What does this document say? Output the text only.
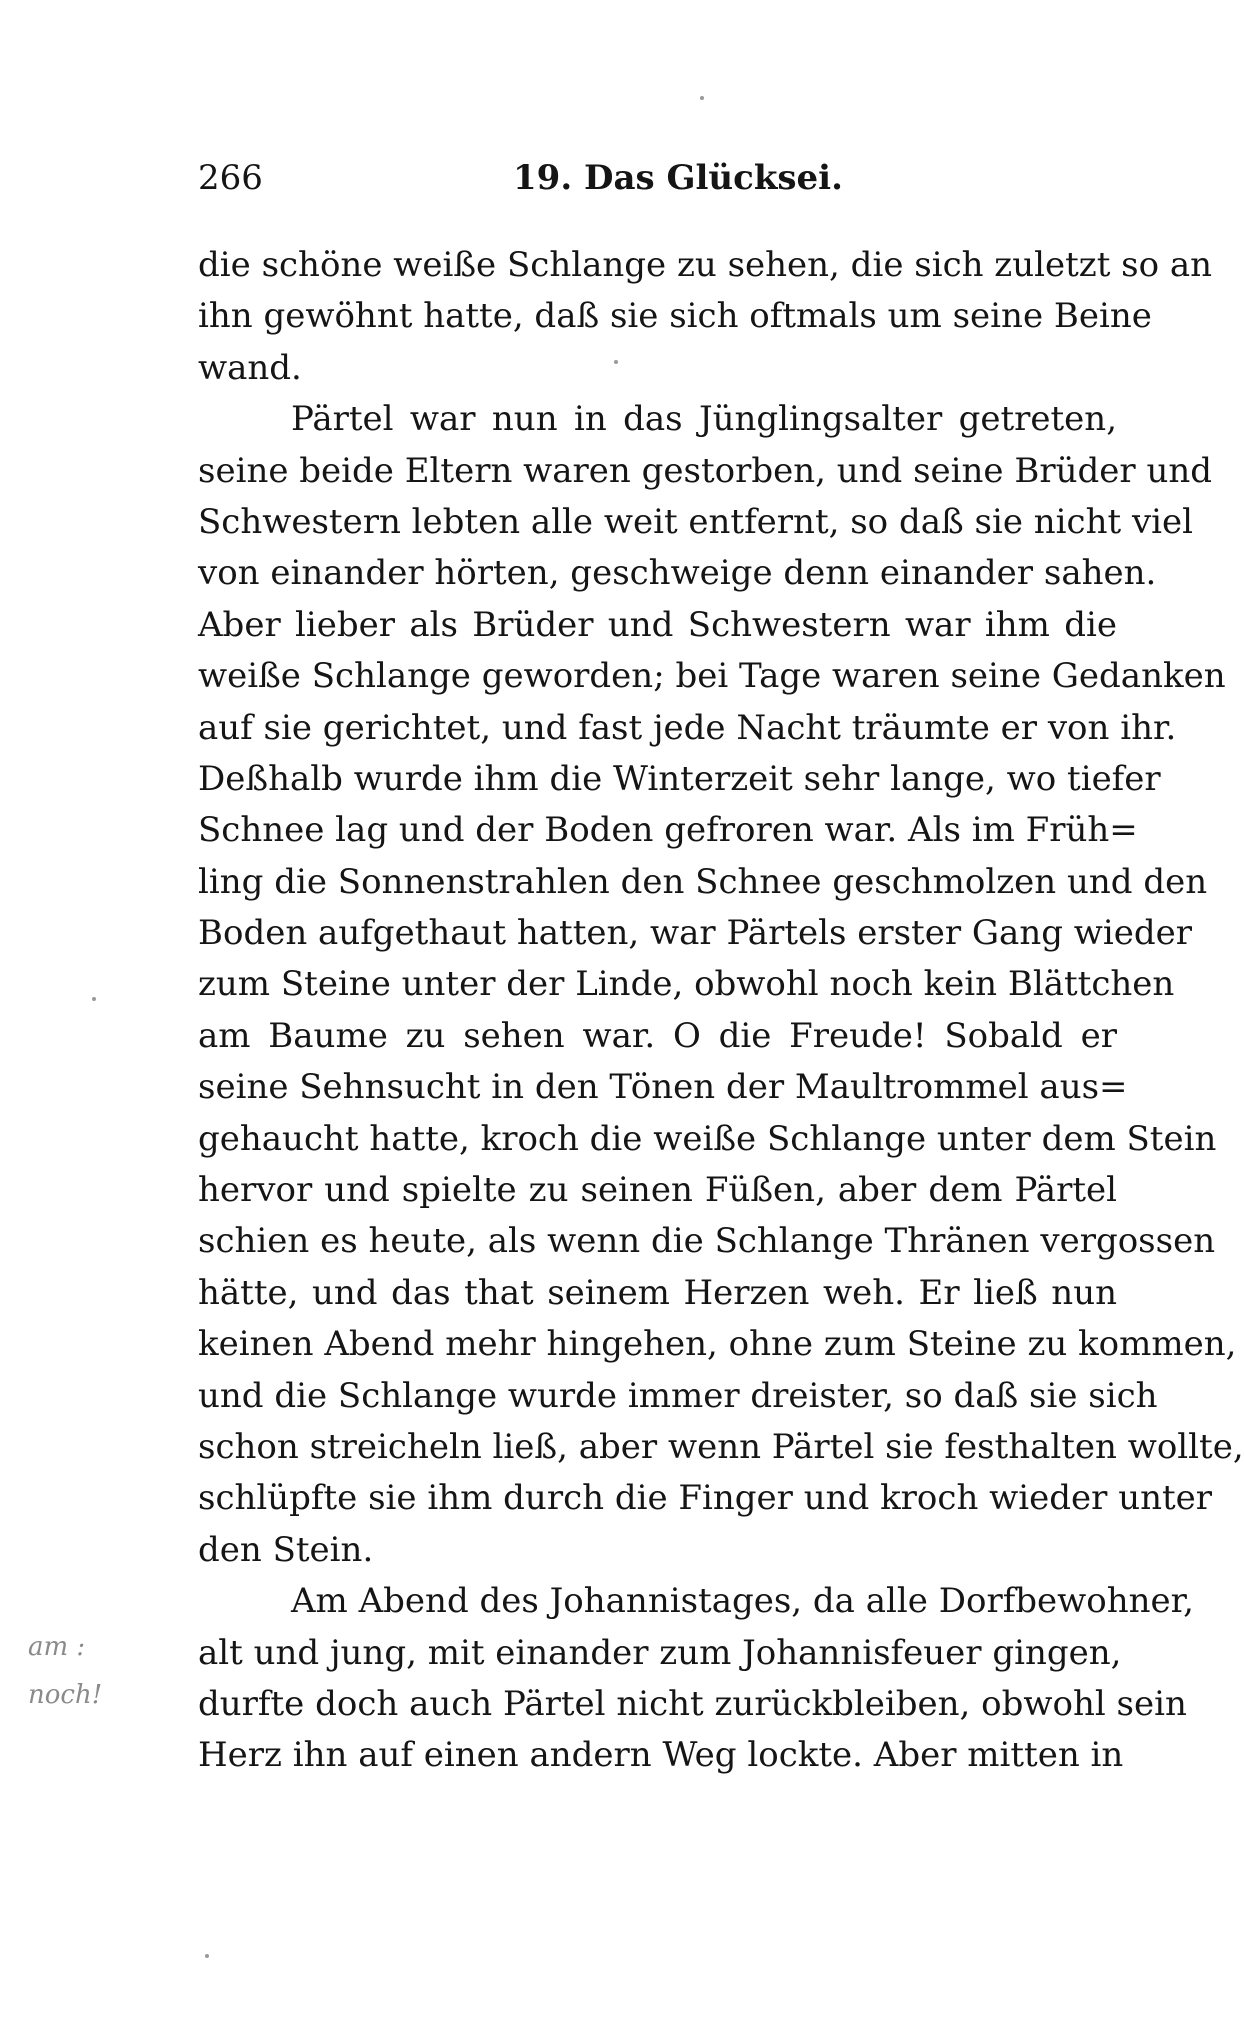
266	19. Das Glücksei.
die schöne weiße Schlange zu sehen, die sich zuletzt so an
ihn gewöhnt hatte, daß sie sich oftmals um seine Beine
wand.
Pärtel war nun in das Jünglingsalter getreten,
seine beide Eltern waren gestorben, und seine Brüder und
Schwestern lebten alle weit entfernt, so daß sie nicht viel
von einander hörten, geschweige denn einander sahen.
Aber lieber als Brüder und Schwestern war ihm die
weiße Schlange geworden; bei Tage waren seine Gedanken
auf sie gerichtet, und fast jede Nacht träumte er von ihr.
Deßhalb wurde ihm die Winterzeit sehr lange, wo tiefer
Schnee lag und der Boden gefroren war. Als im Früh=
ling die Sonnenstrahlen den Schnee geschmolzen und den
Boden aufgethaut hatten, war Pärtels erster Gang wieder
zum Steine unter der Linde, obwohl noch kein Blättchen
am Baume zu sehen war. O die Freude! Sobald er
seine Sehnsucht in den Tönen der Maultrommel aus=
gehaucht hatte, kroch die weiße Schlange unter dem Stein
hervor und spielte zu seinen Füßen, aber dem Pärtel
schien es heute, als wenn die Schlange Thränen vergossen
hätte, und das that seinem Herzen weh. Er ließ nun
keinen Abend mehr hingehen, ohne zum Steine zu kommen,
und die Schlange wurde immer dreister, so daß sie sich
schon streicheln ließ, aber wenn Pärtel sie festhalten wollte,
schlüpfte sie ihm durch die Finger und kroch wieder unter
den Stein.
Am Abend des Johannistages, da alle Dorfbewohner,
alt und jung, mit einander zum Johannisfeuer gingen,
durfte doch auch Pärtel nicht zurückbleiben, obwohl sein
Herz ihn auf einen andern Weg lockte. Aber mitten in
am :
noch!
